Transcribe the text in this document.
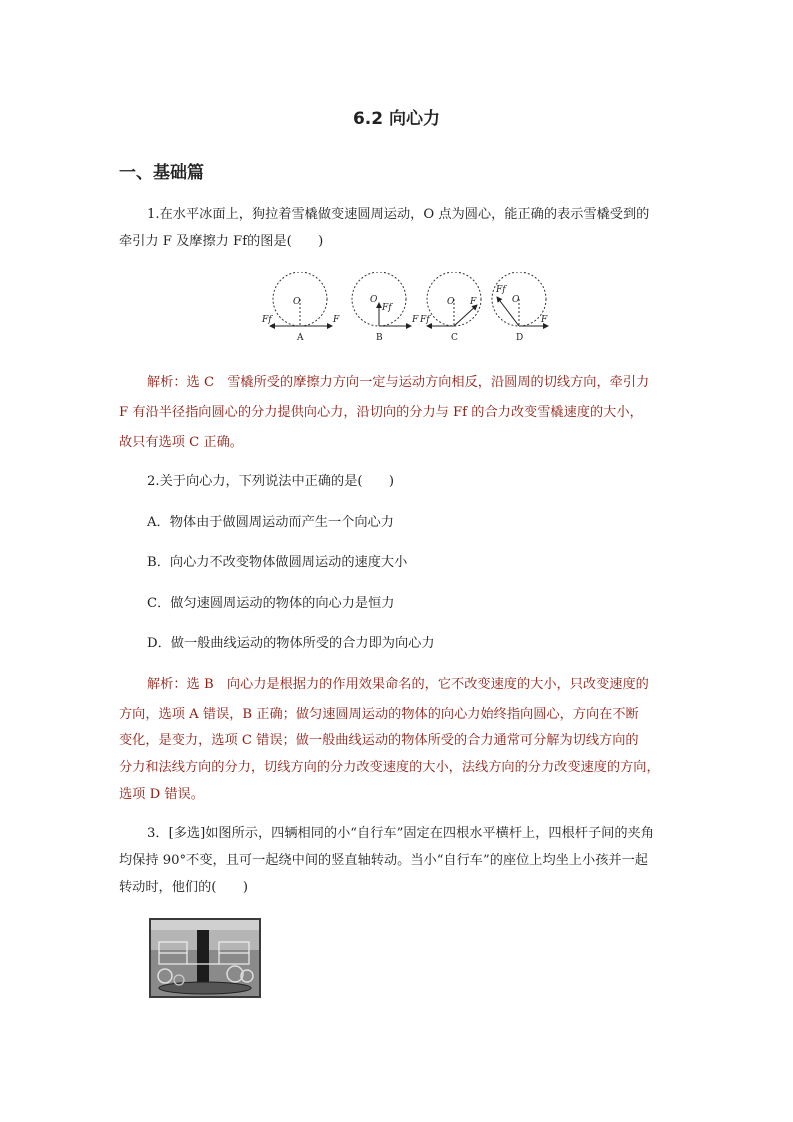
6.2 向心力
一、基础篇
1.在水平冰面上，狗拉着雪橇做变速圆周运动，O 点为圆心，能正确的表示雪橇受到的
牵引力 F 及摩擦力 Ff的图是(　　)
O
F
Ff
A
O
Ff
F
B
O F
Ff
C
O
Ff
F
D
解析：选 C　雪橇所受的摩擦力方向一定与运动方向相反，沿圆周的切线方向，牵引力
F 有沿半径指向圆心的分力提供向心力，沿切向的分力与 Ff 的合力改变雪橇速度的大小，
故只有选项 C 正确。
2.关于向心力，下列说法中正确的是(　　)
A．物体由于做圆周运动而产生一个向心力
B．向心力不改变物体做圆周运动的速度大小
C．做匀速圆周运动的物体的向心力是恒力
D．做一般曲线运动的物体所受的合力即为向心力
解析：选 B　向心力是根据力的作用效果命名的，它不改变速度的大小，只改变速度的
方向，选项 A 错误，B 正确；做匀速圆周运动的物体的向心力始终指向圆心，方向在不断
变化，是变力，选项 C 错误；做一般曲线运动的物体所受的合力通常可分解为切线方向的
分力和法线方向的分力，切线方向的分力改变速度的大小，法线方向的分力改变速度的方向，
选项 D 错误。
3．[多选]如图所示，四辆相同的小“自行车”固定在四根水平横杆上，四根杆子间的夹角
均保持 90°不变，且可一起绕中间的竖直轴转动。当小“自行车”的座位上均坐上小孩并一起
转动时，他们的(　　)
